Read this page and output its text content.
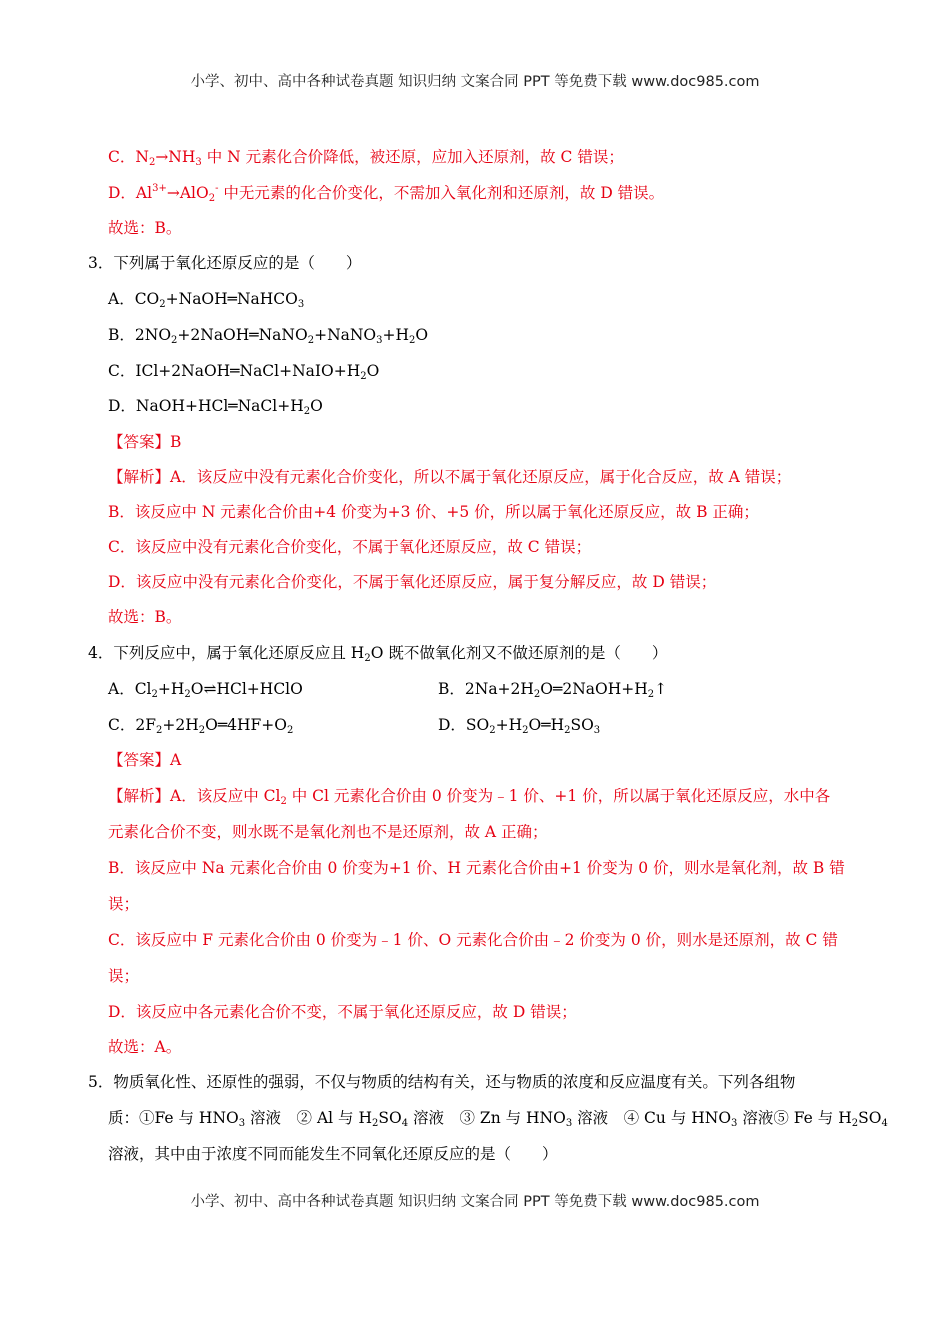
小学、初中、高中各种试卷真题 知识归纳 文案合同 PPT 等免费下载 www.doc985.com
C．$N_2\to NH_3$ 中 N 元素化合价降低，被还原，应加入还原剂，故 C 错误；
D．$Al^{3+}\to AlO_2^-$ 中无元素的化合价变化，不需加入氧化剂和还原剂，故 D 错误。
故选：B。
3．下列属于氧化还原反应的是（　　）
A．$CO_2+NaOH═NaHCO_3$
B．$2NO_2+2NaOH═NaNO_2+NaNO_3+H_2O$
C．$ICl+2NaOH═NaCl+NaIO+H_2O$
D．$NaOH+HCl═NaCl+H_2O$
【答案】B
【解析】A．该反应中没有元素化合价变化，所以不属于氧化还原反应，属于化合反应，故 A 错误；
B．该反应中 N 元素化合价由+4 价变为+3 价、+5 价，所以属于氧化还原反应，故 B 正确；
C．该反应中没有元素化合价变化，不属于氧化还原反应，故 C 错误；
D．该反应中没有元素化合价变化，不属于氧化还原反应，属于复分解反应，故 D 错误；
故选：B。
4．下列反应中，属于氧化还原反应且 $H_2O$ 既不做氧化剂又不做还原剂的是（　　）
A．$Cl_2+H_2O\rightleftharpoons HCl+HClO$	B．$2Na+2H_2O═2NaOH+H_2↑$
C．$2F_2+2H_2O═4HF+O_2$	D．$SO_2+H_2O═H_2SO_3$
【答案】A
【解析】A．该反应中 $Cl_2$ 中 Cl 元素化合价由 0 价变为﹣1 价、+1 价，所以属于氧化还原反应，水中各
元素化合价不变，则水既不是氧化剂也不是还原剂，故 A 正确；
B．该反应中 Na 元素化合价由 0 价变为+1 价、H 元素化合价由+1 价变为 0 价，则水是氧化剂，故 B 错
误；
C．该反应中 F 元素化合价由 0 价变为﹣1 价、O 元素化合价由﹣2 价变为 0 价，则水是还原剂，故 C 错
误；
D．该反应中各元素化合价不变，不属于氧化还原反应，故 D 错误；
故选：A。
5．物质氧化性、还原性的强弱，不仅与物质的结构有关，还与物质的浓度和反应温度有关。下列各组物
质：①Fe 与 $HNO_3$ 溶液　② Al 与 $H_2SO_4$ 溶液　③ Zn 与 $HNO_3$ 溶液　④ Cu 与 $HNO_3$ 溶液⑤ Fe 与 $H_2SO_4$
溶液，其中由于浓度不同而能发生不同氧化还原反应的是（　　）
小学、初中、高中各种试卷真题 知识归纳 文案合同 PPT 等免费下载 www.doc985.com
